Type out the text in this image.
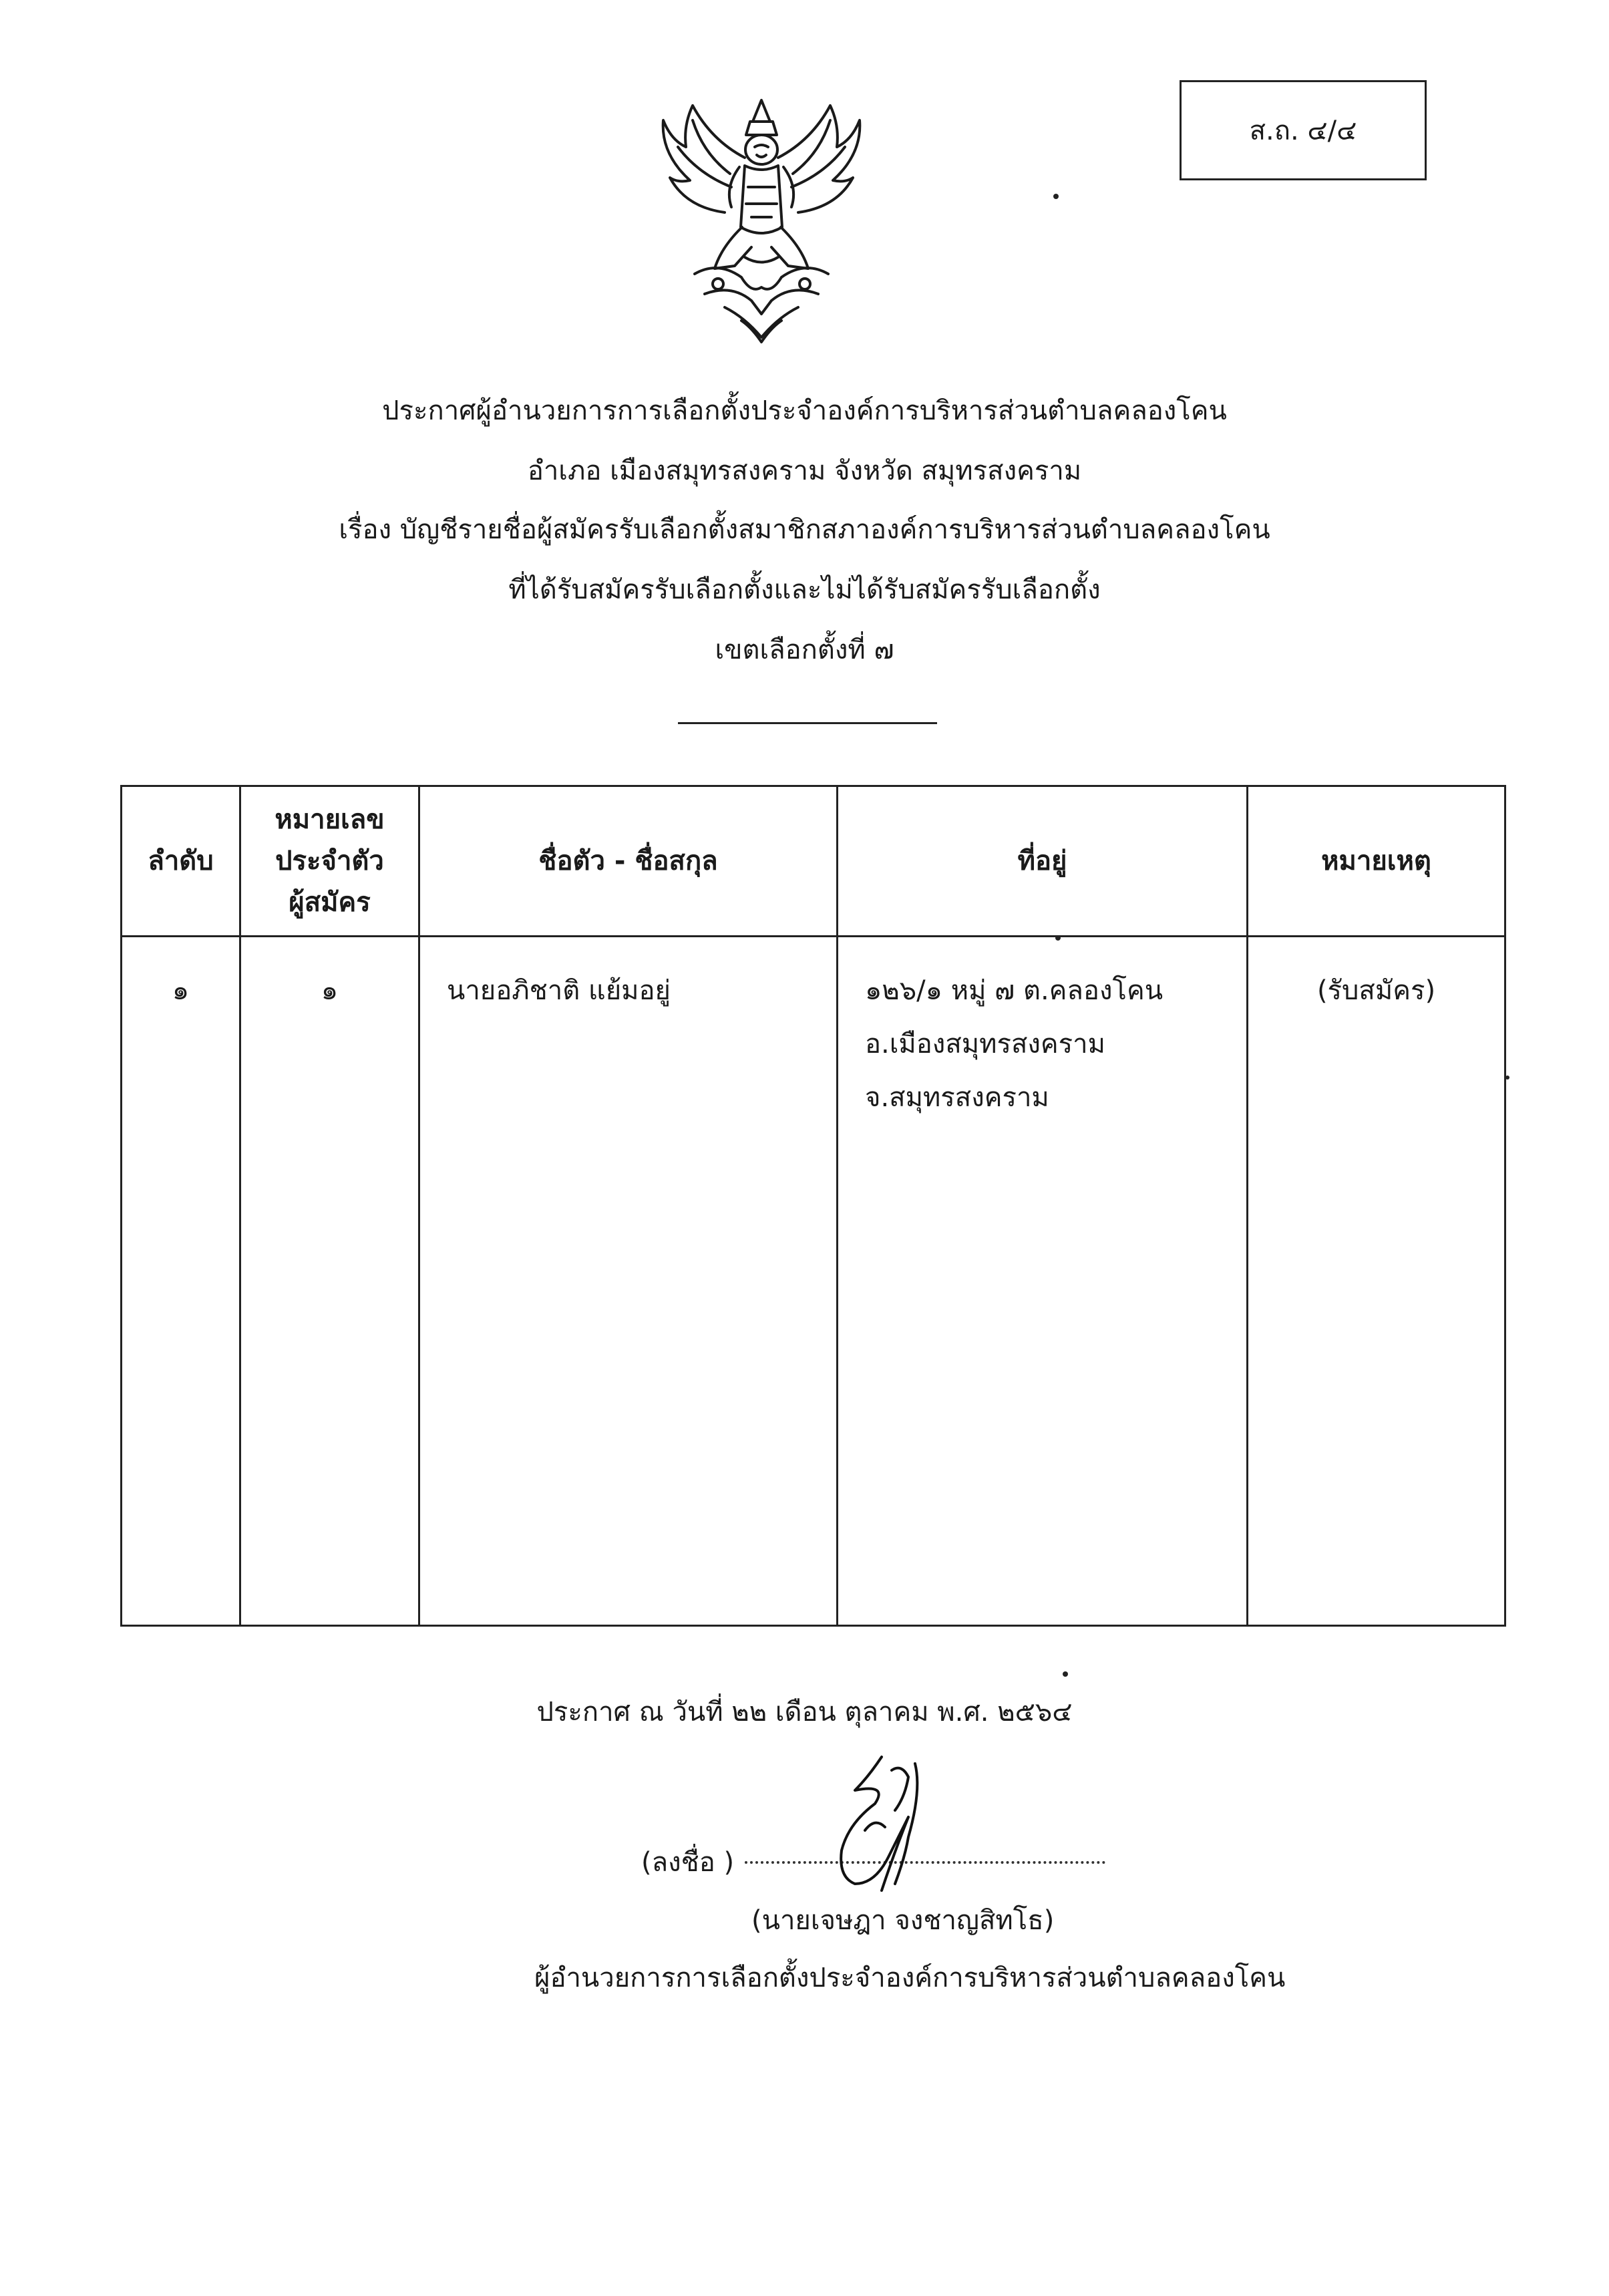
ส.ถ. ๔/๔
ประกาศผู้อำนวยการการเลือกตั้งประจำองค์การบริหารส่วนตำบลคลองโคน
อำเภอ เมืองสมุทรสงคราม จังหวัด สมุทรสงคราม
เรื่อง บัญชีรายชื่อผู้สมัครรับเลือกตั้งสมาชิกสภาองค์การบริหารส่วนตำบลคลองโคน
ที่ได้รับสมัครรับเลือกตั้งและไม่ได้รับสมัครรับเลือกตั้ง
เขตเลือกตั้งที่ ๗
ลำดับ	หมายเลข
ประจำตัว
ผู้สมัคร	ชื่อตัว - ชื่อสกุล	ที่อยู่	หมายเหตุ
๑	๑	นายอภิชาติ แย้มอยู่	๑๒๖/๑ หมู่ ๗ ต.คลองโคน
อ.เมืองสมุทรสงคราม
จ.สมุทรสงคราม	(รับสมัคร)
ประกาศ ณ วันที่ ๒๒ เดือน ตุลาคม พ.ศ. ๒๕๖๔
(ลงชื่อ )
(นายเจษฎา จงชาญสิทโธ)
ผู้อำนวยการการเลือกตั้งประจำองค์การบริหารส่วนตำบลคลองโคน
